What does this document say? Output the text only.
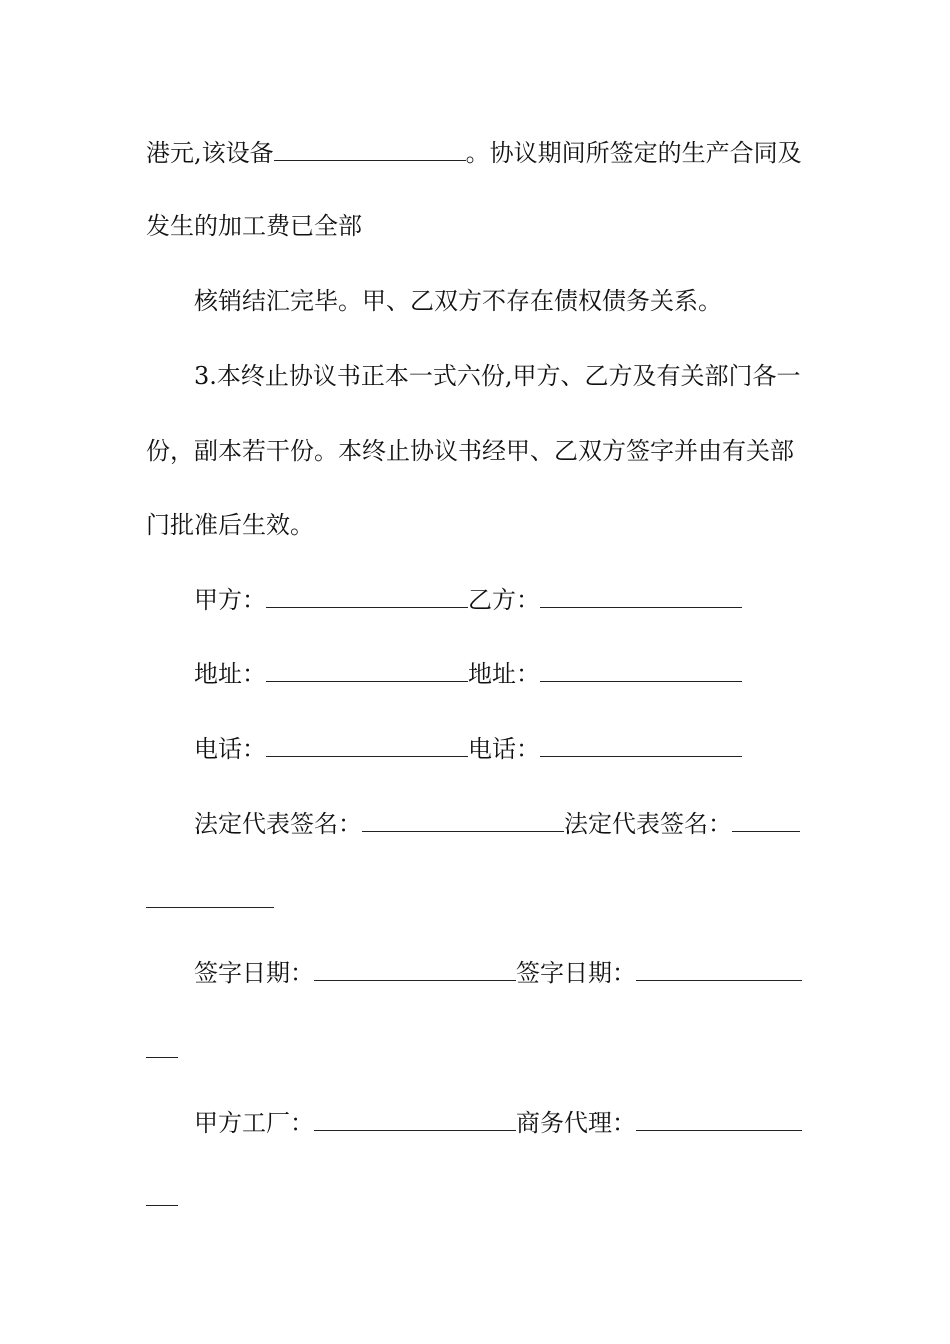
港元,该设备	。协议期间所签定的生产合同及
发生的加工费已全部
核销结汇完毕。甲、乙双方不存在债权债务关系。
3.本终止协议书正本一式六份,甲方、乙方及有关部门各一
份，副本若干份。本终止协议书经甲、乙双方签字并由有关部
门批准后生效。
甲方：	乙方：
地址：	地址：
电话：	电话：
法定代表签名：	法定代表签名：
签字日期：	签字日期：
甲方工厂：	商务代理：
